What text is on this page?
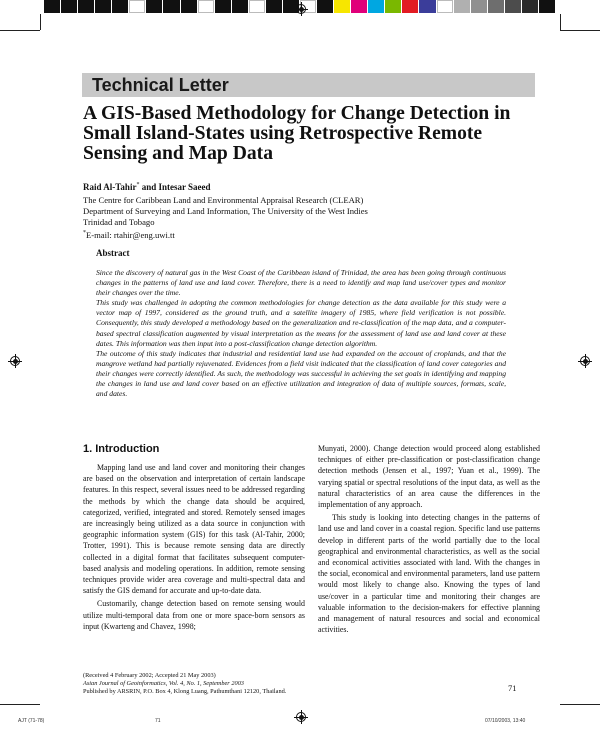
Technical Letter
A GIS-Based Methodology for Change Detection in Small Island-States using Retrospective Remote Sensing and Map Data
Raid Al-Tahir* and Intesar Saeed
The Centre for Caribbean Land and Environmental Appraisal Research (CLEAR)
Department of Surveying and Land Information, The University of the West Indies
Trinidad and Tobago
*E-mail: rtahir@eng.uwi.tt
Abstract

Since the discovery of natural gas in the West Coast of the Caribbean island of Trinidad, the area has been going through continuous changes in the patterns of land use and land cover. Therefore, there is a need to identify and map land use/cover types and monitor their changes over the time.

This study was challenged in adopting the common methodologies for change detection as the data available for this study were a vector map of 1997, considered as the ground truth, and a satellite imagery of 1985, where field verification is not possible. Consequently, this study developed a methodology based on the generalization and re-classification of the map data, and a computer-based spectral classification augmented by visual interpretation as the means for the assessment of land use and land cover at these dates. This information was then input into a post-classification change detection algorithm.

The outcome of this study indicates that industrial and residential land use had expanded on the account of croplands, and that the mangrove wetland had partially rejuvenated. Evidences from a field visit indicated that the classification of land cover categories and their changes were correctly identified. As such, the methodology was successful in achieving the set goals in identifying and mapping the changes in land use and land cover based on an effective utilization and integration of data of multiple sources, formats, scale, and dates.

1. Introduction

Mapping land use and land cover and monitoring their changes are based on the observation and interpretation of certain landscape features. In this respect, several issues need to be addressed regarding the methods by which the change data should be acquired, categorized, verified, integrated and stored. Remotely sensed images are increasingly being utilized as a data source in conjunction with geographic information system (GIS) for this task (Al-Tahir, 2000; Trotter, 1991). This is because remote sensing data are directly collected in a digital format that facilitates subsequent computer-based analysis and modeling operations. In addition, remote sensing techniques provide wider area coverage and multi-spectral data and satisfy the GIS demand for accurate and up-to-date data.

Customarily, change detection based on remote sensing would utilize multi-temporal data from one or more space-born sensors as input (Kwarteng and Chavez, 1998;

Munyati, 2000). Change detection would proceed along established techniques of either pre-classification or post-classification change detection methods (Jensen et al., 1997; Yuan et al., 1999). The varying spatial or spectral resolutions of the input data, as well as the natural characteristics of an area cause the differences in the implementation of any approach.

This study is looking into detecting changes in the patterns of land use and land cover in a coastal region. Specific land use patterns develop in different parts of the world partially due to the local geographical and environmental characteristics, as well as the social and economical activities associated with land. With the changes in the social, economical and environmental parameters, land use pattern would most likely to change also. Knowing the types of land use/cover in a particular time and monitoring their changes are valuable information to the decision-makers for effective planning and management of natural resources and social and economical activities.

(Received 4 February 2002; Accepted 21 May 2003)
Asian Journal of Geoinformatics, Vol. 4, No. 1, September 2003
Published by ARSRIN, P.O. Box 4, Klong Luang, Pathumthani 12120, Thailand.	71
AJT (71-78)	71	07/10/2003, 13:40
